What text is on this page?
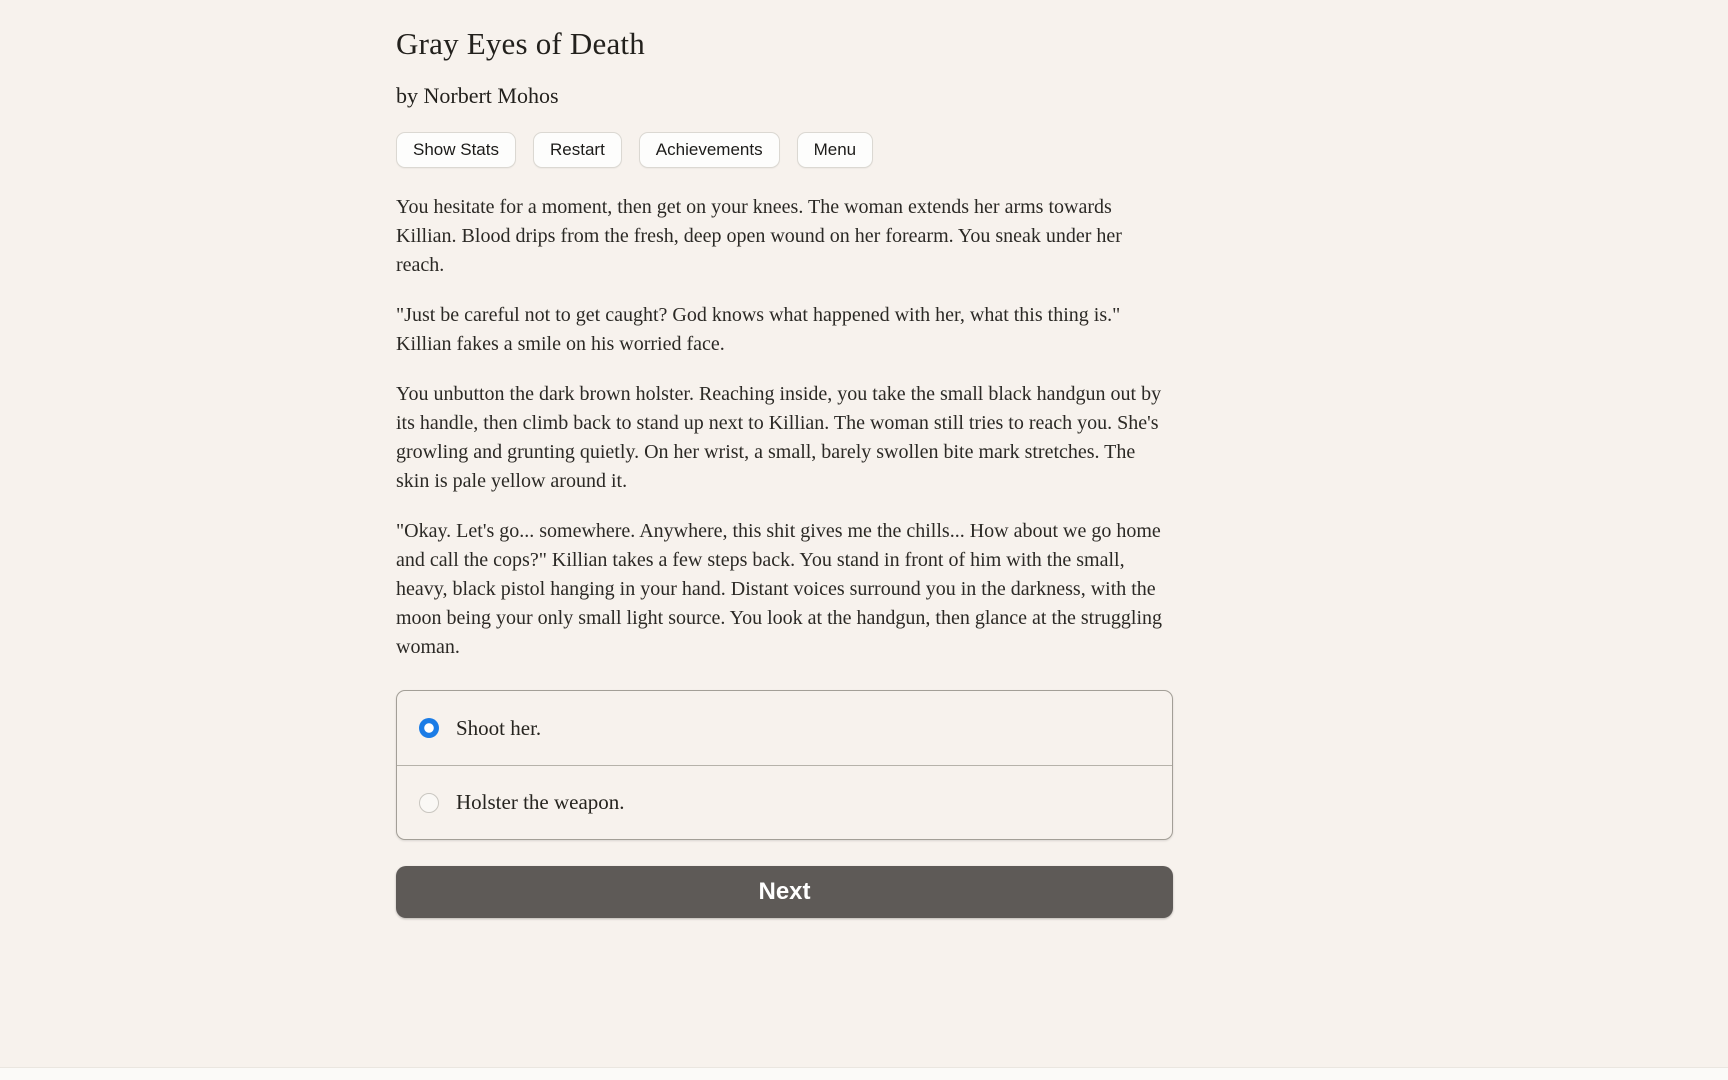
Gray Eyes of Death
by Norbert Mohos
Show Stats	Restart	Achievements	Menu

You hesitate for a moment, then get on your knees. The woman extends her arms towards Killian. Blood drips from the fresh, deep open wound on her forearm. You sneak under her reach.

"Just be careful not to get caught? God knows what happened with her, what this thing is." Killian fakes a smile on his worried face.

You unbutton the dark brown holster. Reaching inside, you take the small black handgun out by its handle, then climb back to stand up next to Killian. The woman still tries to reach you. She's growling and grunting quietly. On her wrist, a small, barely swollen bite mark stretches. The skin is pale yellow around it.

"Okay. Let's go... somewhere. Anywhere, this shit gives me the chills... How about we go home and call the cops?" Killian takes a few steps back. You stand in front of him with the small, heavy, black pistol hanging in your hand. Distant voices surround you in the darkness, with the moon being your only small light source. You look at the handgun, then glance at the struggling woman.

Shoot her.
Holster the weapon.
Next
